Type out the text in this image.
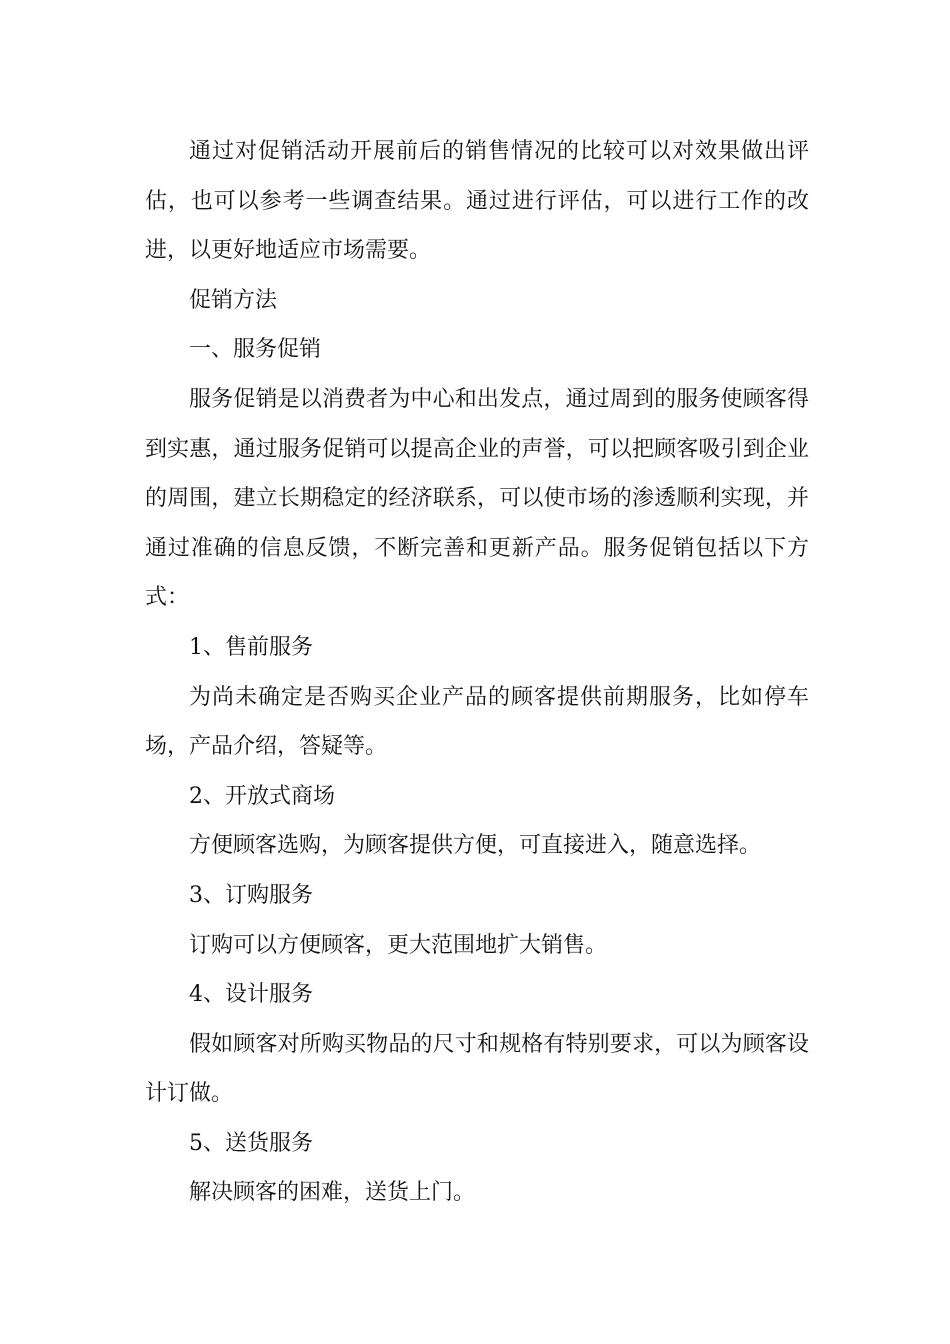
通过对促销活动开展前后的销售情况的比较可以对效果做出评估，也可以参考一些调查结果。通过进行评估，可以进行工作的改进，以更好地适应市场需要。

促销方法

一、服务促销

服务促销是以消费者为中心和出发点，通过周到的服务使顾客得到实惠，通过服务促销可以提高企业的声誉，可以把顾客吸引到企业的周围，建立长期稳定的经济联系，可以使市场的渗透顺利实现，并通过准确的信息反馈，不断完善和更新产品。服务促销包括以下方式：

1、售前服务

为尚未确定是否购买企业产品的顾客提供前期服务，比如停车场，产品介绍，答疑等。

2、开放式商场

方便顾客选购，为顾客提供方便，可直接进入，随意选择。

3、订购服务

订购可以方便顾客，更大范围地扩大销售。

4、设计服务

假如顾客对所购买物品的尺寸和规格有特别要求，可以为顾客设计订做。

5、送货服务

解决顾客的困难，送货上门。
